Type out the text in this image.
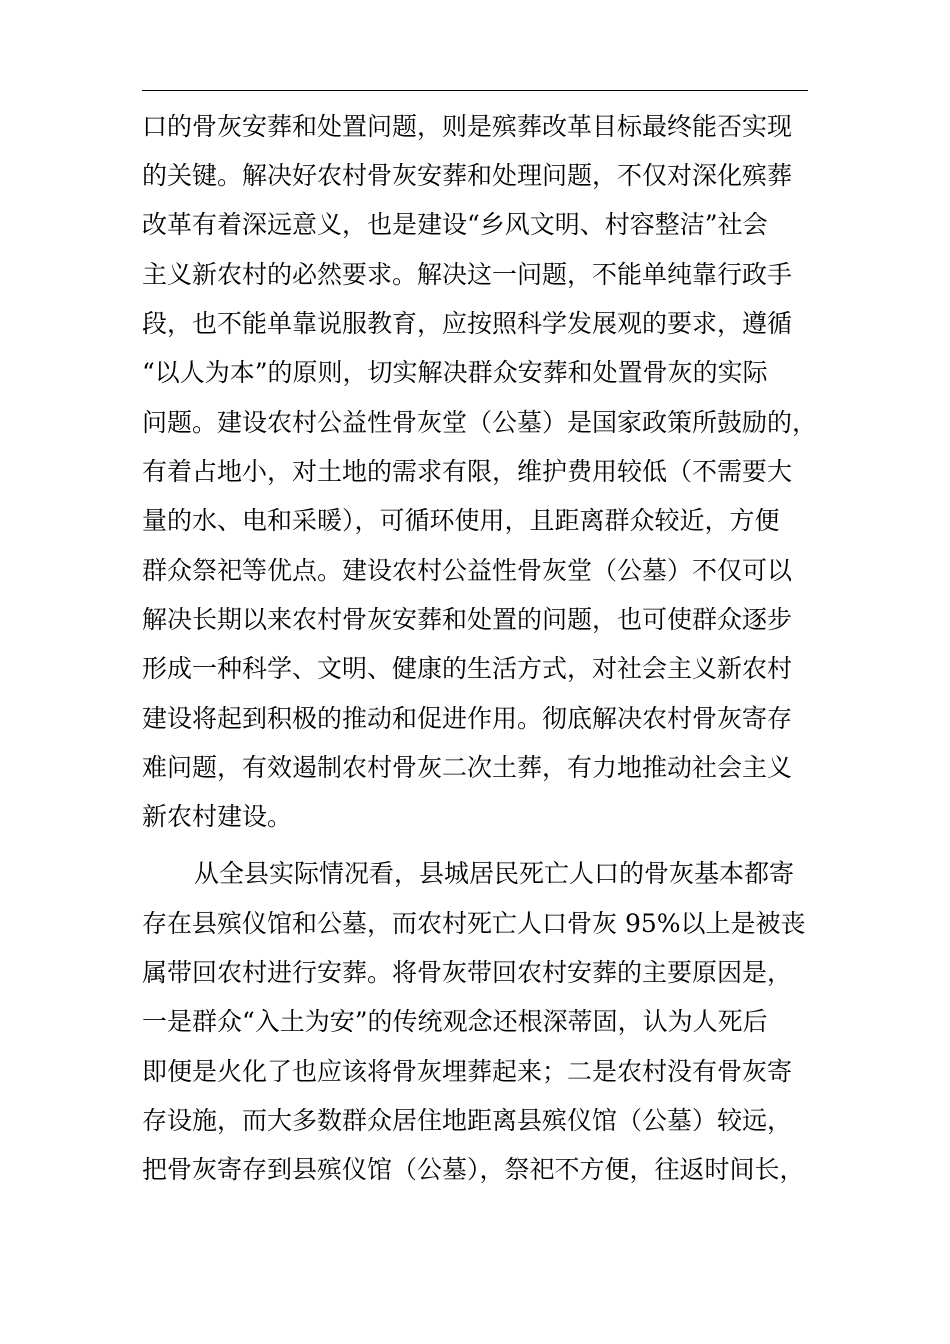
口的骨灰安葬和处置问题，则是殡葬改革目标最终能否实现
的关键。解决好农村骨灰安葬和处理问题，不仅对深化殡葬
改革有着深远意义，也是建设“乡风文明、村容整洁”社会
主义新农村的必然要求。解决这一问题，不能单纯靠行政手
段，也不能单靠说服教育，应按照科学发展观的要求，遵循
“以人为本”的原则，切实解决群众安葬和处置骨灰的实际
问题。建设农村公益性骨灰堂（公墓）是国家政策所鼓励的，
有着占地小，对土地的需求有限，维护费用较低（不需要大
量的水、电和采暖），可循环使用，且距离群众较近，方便
群众祭祀等优点。建设农村公益性骨灰堂（公墓）不仅可以
解决长期以来农村骨灰安葬和处置的问题，也可使群众逐步
形成一种科学、文明、健康的生活方式，对社会主义新农村
建设将起到积极的推动和促进作用。彻底解决农村骨灰寄存
难问题，有效遏制农村骨灰二次土葬，有力地推动社会主义
新农村建设。
从全县实际情况看，县城居民死亡人口的骨灰基本都寄
存在县殡仪馆和公墓，而农村死亡人口骨灰 95%以上是被丧
属带回农村进行安葬。将骨灰带回农村安葬的主要原因是，
一是群众“入土为安”的传统观念还根深蒂固，认为人死后
即便是火化了也应该将骨灰埋葬起来；二是农村没有骨灰寄
存设施，而大多数群众居住地距离县殡仪馆（公墓）较远，
把骨灰寄存到县殡仪馆（公墓），祭祀不方便，往返时间长，
